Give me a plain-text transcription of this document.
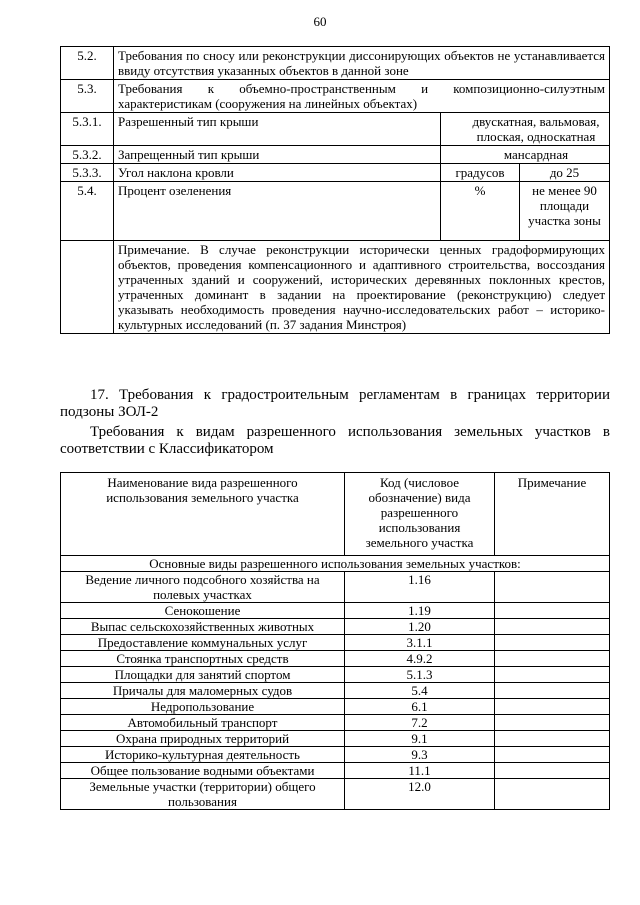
60
5.2.	Требования по сносу или реконструкции диссонирующих объектов не устанавливается ввиду отсутствия указанных объектов в данной зоне		
5.3.	Требования к объемно-пространственным и композиционно-силуэтным характеристикам (сооружения на линейных объектах)		
5.3.1.	Разрешенный тип крыши	двускатная, вальмовая, плоская, односкатная	
5.3.2.	Запрещенный тип крыши	мансардная	
5.3.3.	Угол наклона кровли	градусов	до 25
5.4.	Процент озеленения	%	не менее 90 площади участка зоны
	Примечание. В случае реконструкции исторически ценных градоформирующих объектов, проведения компенсационного и адаптивного строительства, воссоздания утраченных зданий и сооружений, исторических деревянных поклонных крестов, утраченных доминант в задании на проектирование (реконструкцию) следует указывать необходимость проведения научно-исследовательских работ – историко-культурных исследований (п. 37 задания Минстроя)		
17. Требования к градостроительным регламентам в границах территории подзоны ЗОЛ-2
Требования к видам разрешенного использования земельных участков в соответствии с Классификатором
Наименование вида разрешенного использования земельного участка	Код (числовое обозначение) вида разрешенного использования земельного участка	Примечание
Основные виды разрешенного использования земельных участков:		
Ведение личного подсобного хозяйства на полевых участках	1.16	
Сенокошение	1.19	
Выпас сельскохозяйственных животных	1.20	
Предоставление коммунальных услуг	3.1.1	
Стоянка транспортных средств	4.9.2	
Площадки для занятий спортом	5.1.3	
Причалы для маломерных судов	5.4	
Недропользование	6.1	
Автомобильный транспорт	7.2	
Охрана природных территорий	9.1	
Историко-культурная деятельность	9.3	
Общее пользование водными объектами	11.1	
Земельные участки (территории) общего пользования	12.0	
